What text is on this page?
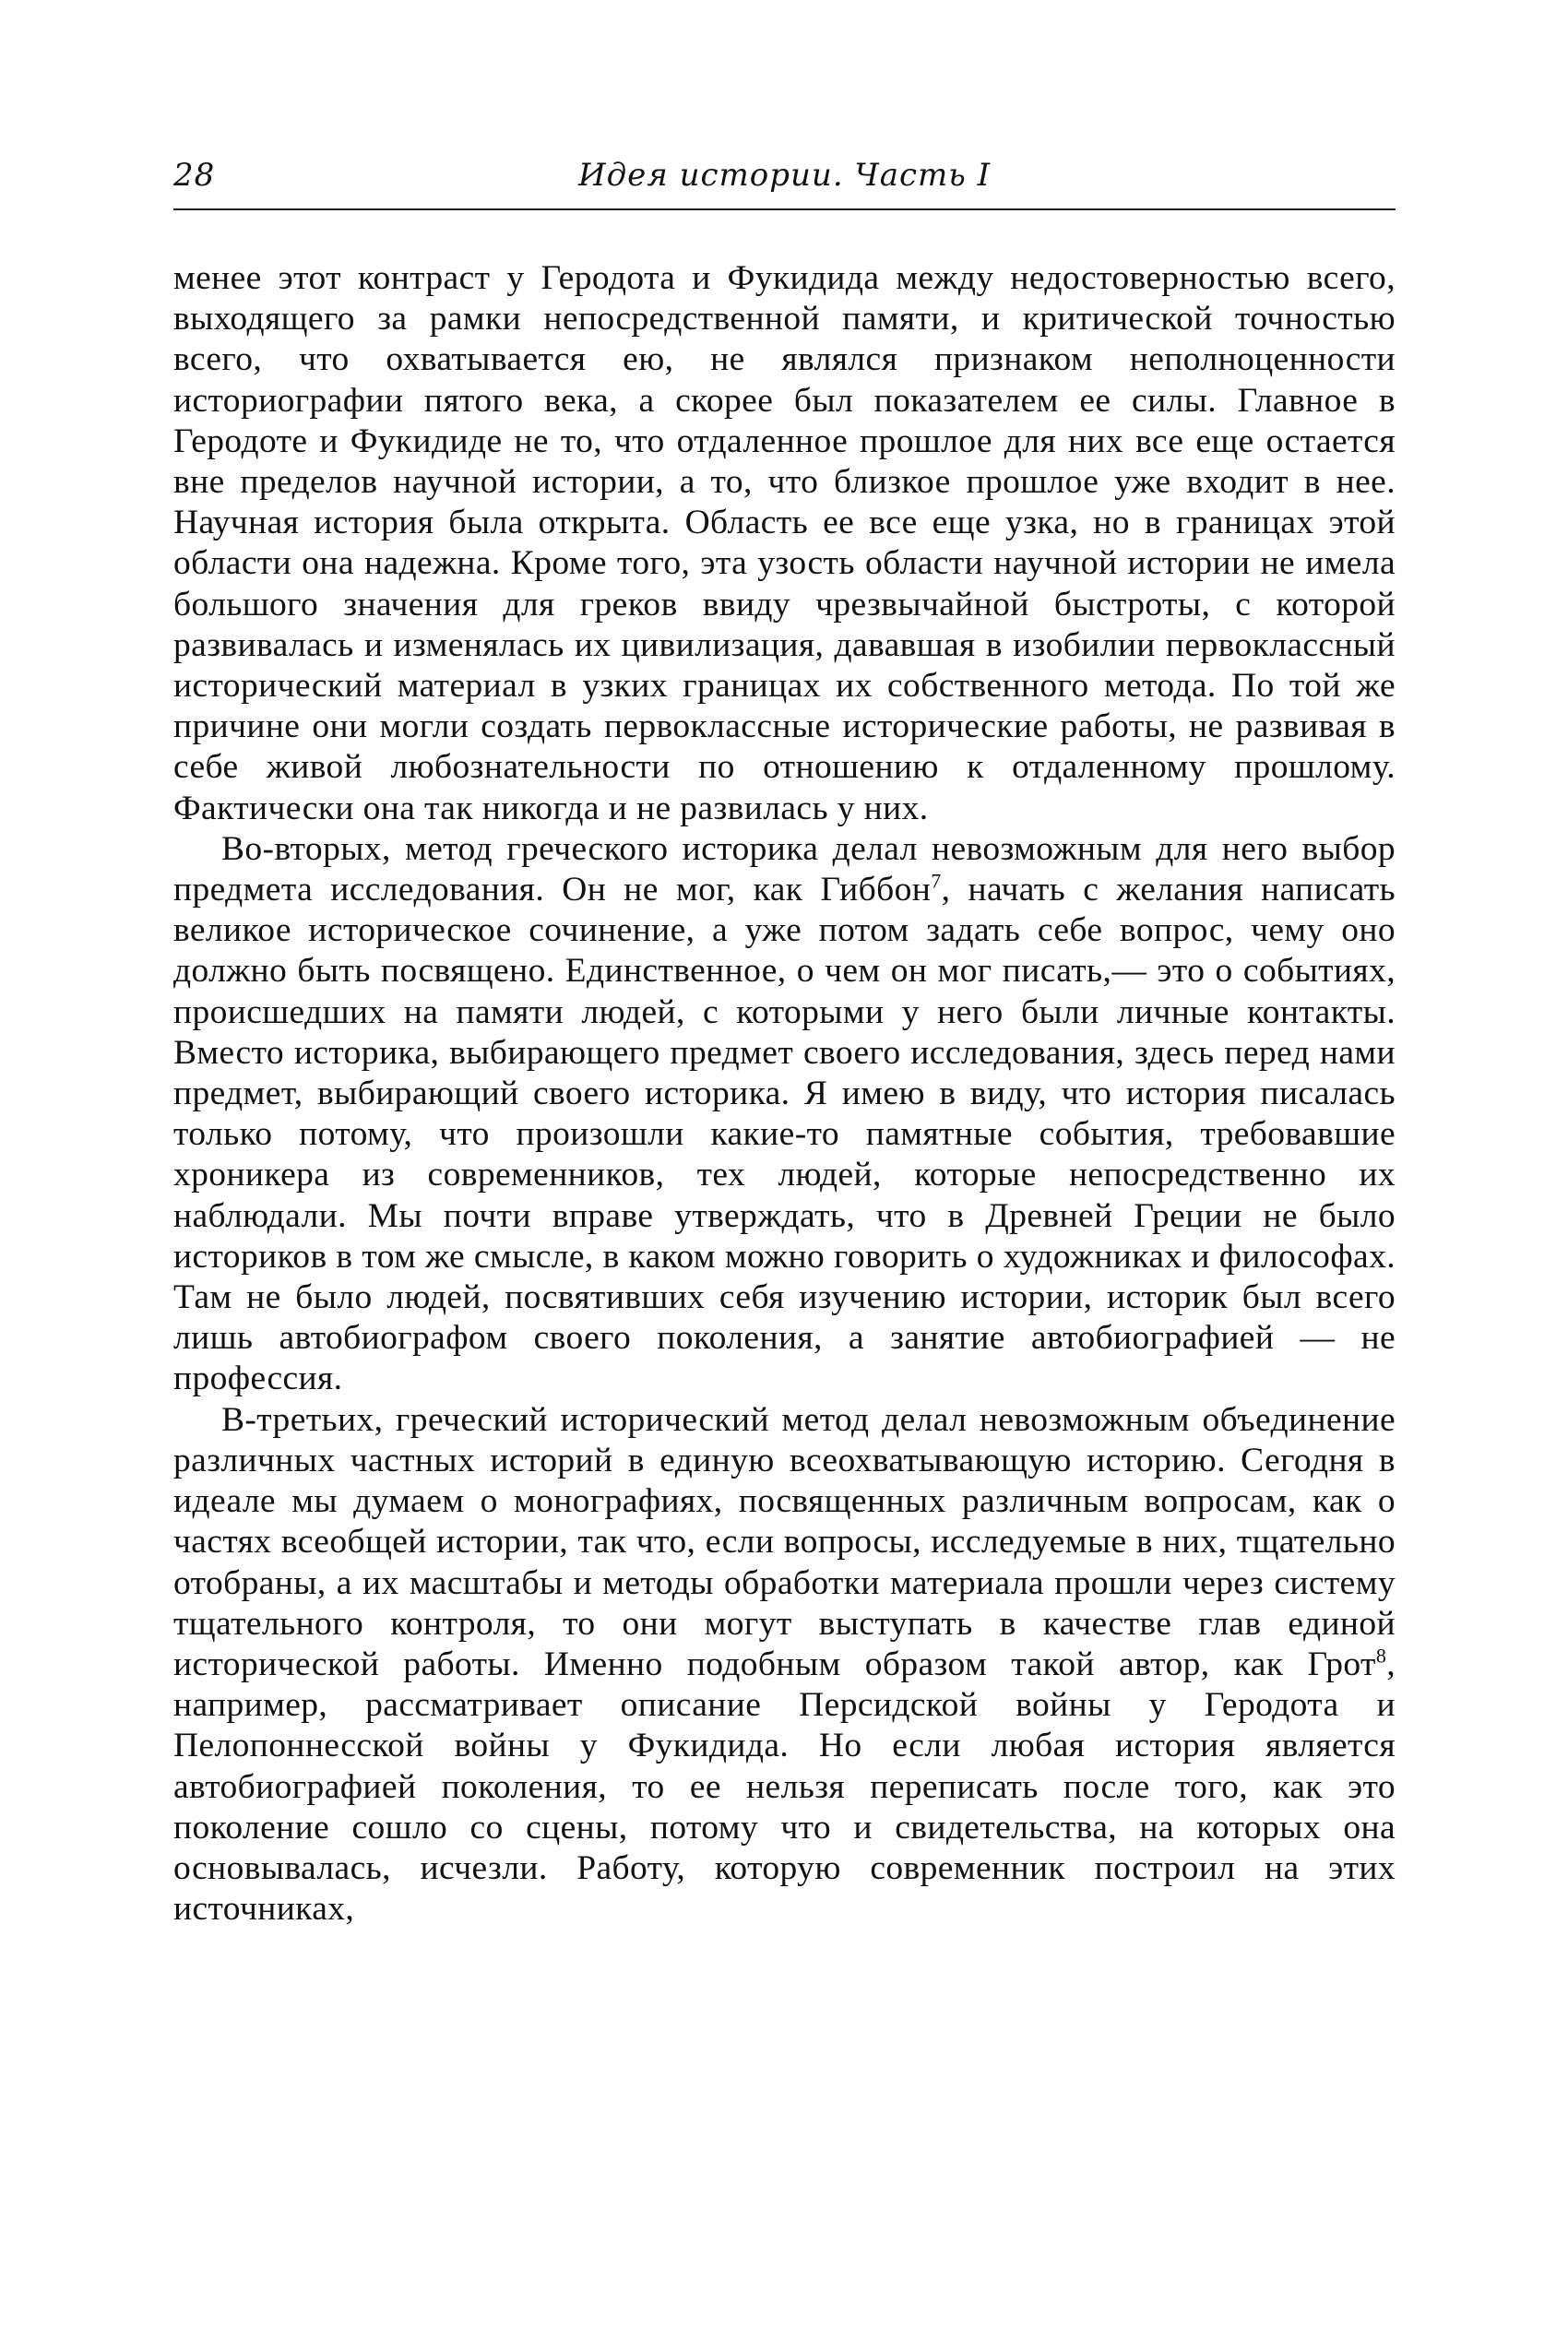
28	Идея истории. Часть I

менее этот контраст у Геродота и Фукидида между недостоверностью всего, выходящего за рамки непосредственной памяти, и критической точностью всего, что охватывается ею, не являлся признаком неполноценности историографии пятого века, а скорее был показателем ее силы. Главное в Геродоте и Фукидиде не то, что отдаленное прошлое для них все еще остается вне пределов научной истории, а то, что близкое прошлое уже входит в нее. Научная история была открыта. Область ее все еще узка, но в границах этой области она надежна. Кроме того, эта узость области научной истории не имела большого значения для греков ввиду чрезвычайной быстроты, с которой развивалась и изменялась их цивилизация, дававшая в изобилии первоклассный исторический материал в узких границах их собственного метода. По той же причине они могли создать первоклассные исторические работы, не развивая в себе живой любознательности по отношению к отдаленному прошлому. Фактически она так никогда и не развилась у них.

Во-вторых, метод греческого историка делал невозможным для него выбор предмета исследования. Он не мог, как Гиббон$^7$, начать с желания написать великое историческое сочинение, а уже потом задать себе вопрос, чему оно должно быть посвящено. Единственное, о чем он мог писать,— это о событиях, происшедших на памяти людей, с которыми у него были личные контакты. Вместо историка, выбирающего предмет своего исследования, здесь перед нами предмет, выбирающий своего историка. Я имею в виду, что история писалась только потому, что произошли какие-то памятные события, требовавшие хроникера из современников, тех людей, которые непосредственно их наблюдали. Мы почти вправе утверждать, что в Древней Греции не было историков в том же смысле, в каком можно говорить о художниках и философах. Там не было людей, посвятивших себя изучению истории, историк был всего лишь автобиографом своего поколения, а занятие автобиографией — не профессия.

В-третьих, греческий исторический метод делал невозможным объединение различных частных историй в единую всеохватывающую историю. Сегодня в идеале мы думаем о монографиях, посвященных различным вопросам, как о частях всеобщей истории, так что, если вопросы, исследуемые в них, тщательно отобраны, а их масштабы и методы обработки материала прошли через систему тщательного контроля, то они могут выступать в качестве глав единой исторической работы. Именно подобным образом такой автор, как Грот$^8$, например, рассматривает описание Персидской войны у Геродота и Пелопоннесской войны у Фукидида. Но если любая история является автобиографией поколения, то ее нельзя переписать после того, как это поколение сошло со сцены, потому что и свидетельства, на которых она основывалась, исчезли. Работу, которую современник построил на этих источниках,
